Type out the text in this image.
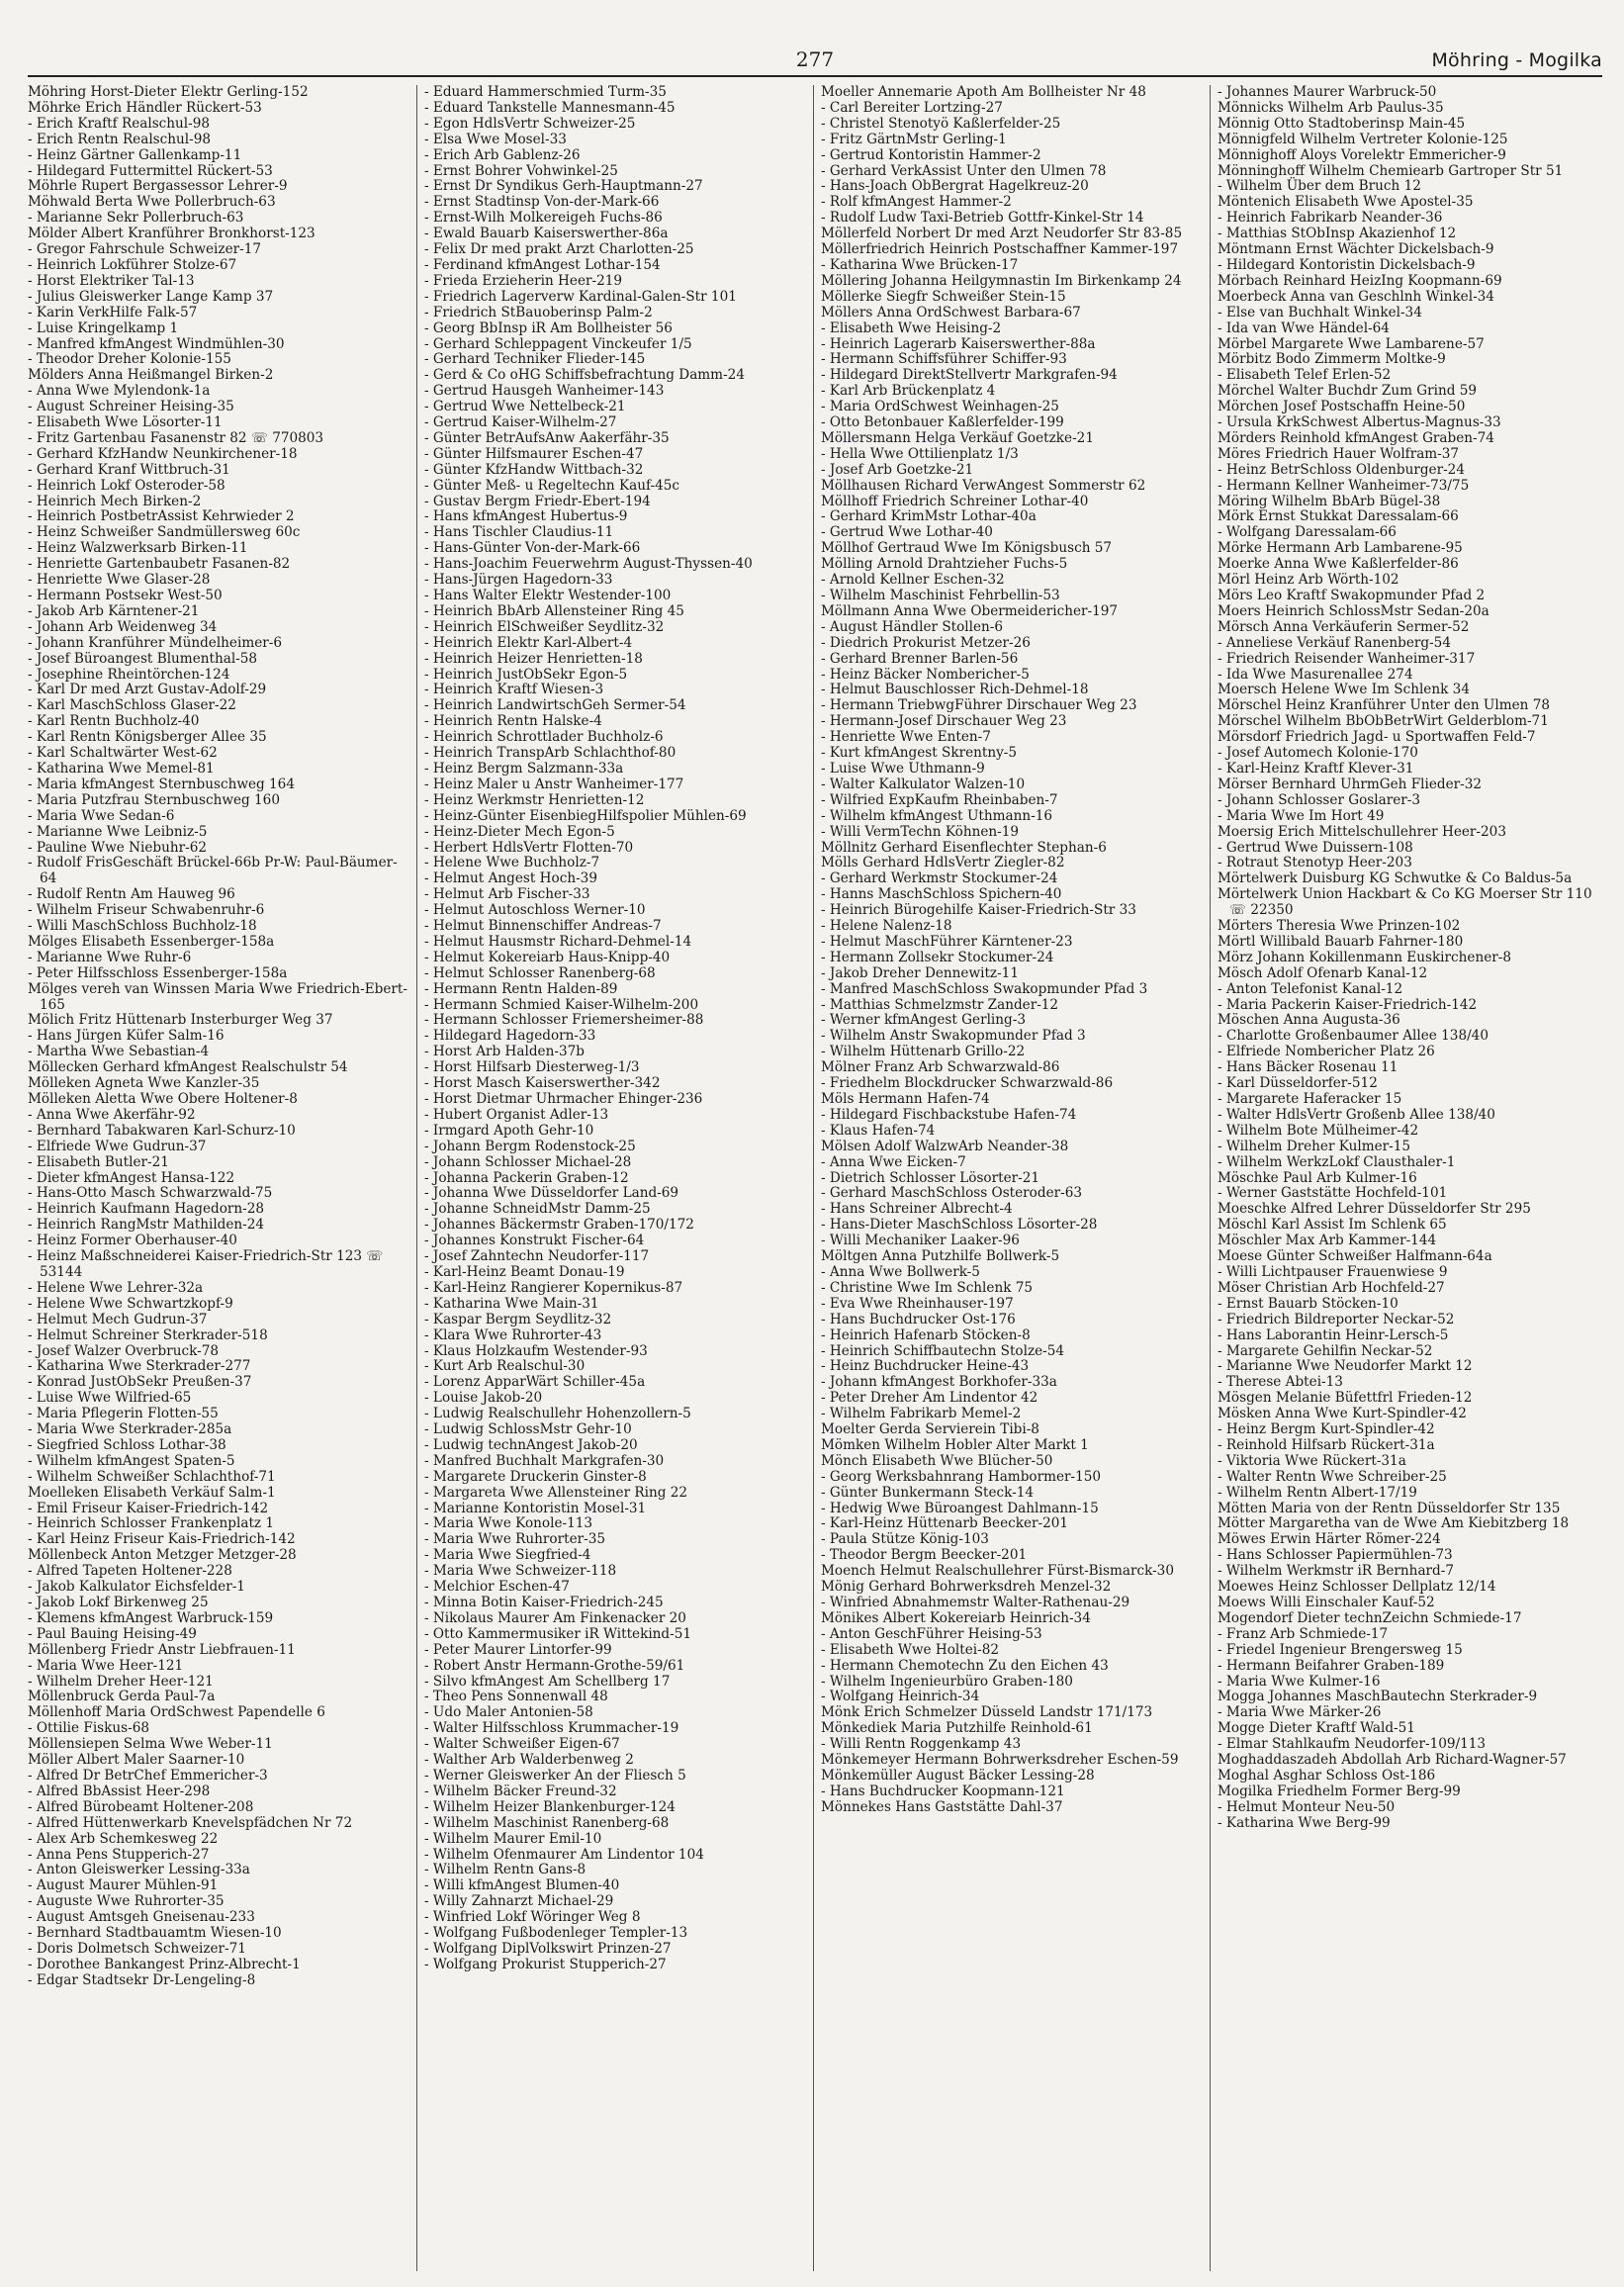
277	Möhring - Mogilka
Möhring Horst-Dieter Elektr Gerling-152
Möhrke Erich Händler Rückert-53
- Erich Kraftf Realschul-98
- Erich Rentn Realschul-98
- Heinz Gärtner Gallenkamp-11
- Hildegard Futtermittel Rückert-53
Möhrle Rupert Bergassessor Lehrer-9
Möhwald Berta Wwe Pollerbruch-63
- Marianne Sekr Pollerbruch-63
Mölder Albert Kranführer Bronkhorst-123
- Gregor Fahrschule Schweizer-17
- Heinrich Lokführer Stolze-67
- Horst Elektriker Tal-13
- Julius Gleiswerker Lange Kamp 37
- Karin VerkHilfe Falk-57
- Luise Kringelkamp 1
- Manfred kfmAngest Windmühlen-30
- Theodor Dreher Kolonie-155
Mölders Anna Heißmangel Birken-2
- Anna Wwe Mylendonk-1a
- August Schreiner Heising-35
- Elisabeth Wwe Lösorter-11
- Fritz Gartenbau Fasanenstr 82 ☏ 770803
- Gerhard KfzHandw Neunkirchener-18
- Gerhard Kranf Wittbruch-31
- Heinrich Lokf Osteroder-58
- Heinrich Mech Birken-2
- Heinrich PostbetrAssist Kehrwieder 2
- Heinz Schweißer Sandmüllersweg 60c
- Heinz Walzwerksarb Birken-11
- Henriette Gartenbaubetr Fasanen-82
- Henriette Wwe Glaser-28
- Hermann Postsekr West-50
- Jakob Arb Kärntener-21
- Johann Arb Weidenweg 34
- Johann Kranführer Mündelheimer-6
- Josef Büroangest Blumenthal-58
- Josephine Rheintörchen-124
- Karl Dr med Arzt Gustav-Adolf-29
- Karl MaschSchloss Glaser-22
- Karl Rentn Buchholz-40
- Karl Rentn Königsberger Allee 35
- Karl Schaltwärter West-62
- Katharina Wwe Memel-81
- Maria kfmAngest Sternbuschweg 164
- Maria Putzfrau Sternbuschweg 160
- Maria Wwe Sedan-6
- Marianne Wwe Leibniz-5
- Pauline Wwe Niebuhr-62
- Rudolf FrisGeschäft Brückel-66b Pr-W: Paul-Bäumer-64
- Rudolf Rentn Am Hauweg 96
- Wilhelm Friseur Schwabenruhr-6
- Willi MaschSchloss Buchholz-18
Mölges Elisabeth Essenberger-158a
- Marianne Wwe Ruhr-6
- Peter Hilfsschloss Essenberger-158a
Mölges vereh van Winssen Maria Wwe Friedrich-Ebert-165
Mölich Fritz Hüttenarb Insterburger Weg 37
- Hans Jürgen Küfer Salm-16
- Martha Wwe Sebastian-4
Möllecken Gerhard kfmAngest Realschulstr 54
Mölleken Agneta Wwe Kanzler-35
Mölleken Aletta Wwe Obere Holtener-8
- Anna Wwe Akerfähr-92
- Bernhard Tabakwaren Karl-Schurz-10
- Elfriede Wwe Gudrun-37
- Elisabeth Butler-21
- Dieter kfmAngest Hansa-122
- Hans-Otto Masch Schwarzwald-75
- Heinrich Kaufmann Hagedorn-28
- Heinrich RangMstr Mathilden-24
- Heinz Former Oberhauser-40
- Heinz Maßschneiderei Kaiser-Friedrich-Str 123 ☏ 53144
- Helene Wwe Lehrer-32a
- Helene Wwe Schwartzkopf-9
- Helmut Mech Gudrun-37
- Helmut Schreiner Sterkrader-518
- Josef Walzer Overbruck-78
- Katharina Wwe Sterkrader-277
- Konrad JustObSekr Preußen-37
- Luise Wwe Wilfried-65
- Maria Pflegerin Flotten-55
- Maria Wwe Sterkrader-285a
- Siegfried Schloss Lothar-38
- Wilhelm kfmAngest Spaten-5
- Wilhelm Schweißer Schlachthof-71
Moelleken Elisabeth Verkäuf Salm-1
- Emil Friseur Kaiser-Friedrich-142
- Heinrich Schlosser Frankenplatz 1
- Karl Heinz Friseur Kais-Friedrich-142
Möllenbeck Anton Metzger Metzger-28
- Alfred Tapeten Holtener-228
- Jakob Kalkulator Eichsfelder-1
- Jakob Lokf Birkenweg 25
- Klemens kfmAngest Warbruck-159
- Paul Bauing Heising-49
Möllenberg Friedr Anstr Liebfrauen-11
- Maria Wwe Heer-121
- Wilhelm Dreher Heer-121
Möllenbruck Gerda Paul-7a
Möllenhoff Maria OrdSchwest Papendelle 6
- Ottilie Fiskus-68
Möllensiepen Selma Wwe Weber-11
Möller Albert Maler Saarner-10
- Alfred Dr BetrChef Emmericher-3
- Alfred BbAssist Heer-298
- Alfred Bürobeamt Holtener-208
- Alfred Hüttenwerkarb Knevelspfädchen Nr 72
- Alex Arb Schemkesweg 22
- Anna Pens Stupperich-27
- Anton Gleiswerker Lessing-33a
- August Maurer Mühlen-91
- Auguste Wwe Ruhrorter-35
- August Amtsgeh Gneisenau-233
- Bernhard Stadtbauamtm Wiesen-10
- Doris Dolmetsch Schweizer-71
- Dorothee Bankangest Prinz-Albrecht-1
- Edgar Stadtsekr Dr-Lengeling-8
- Eduard Hammerschmied Turm-35
- Eduard Tankstelle Mannesmann-45
- Egon HdlsVertr Schweizer-25
- Elsa Wwe Mosel-33
- Erich Arb Gablenz-26
- Ernst Bohrer Vohwinkel-25
- Ernst Dr Syndikus Gerh-Hauptmann-27
- Ernst Stadtinsp Von-der-Mark-66
- Ernst-Wilh Molkereigeh Fuchs-86
- Ewald Bauarb Kaiserswerther-86a
- Felix Dr med prakt Arzt Charlotten-25
- Ferdinand kfmAngest Lothar-154
- Frieda Erzieherin Heer-219
- Friedrich Lagerverw Kardinal-Galen-Str 101
- Friedrich StBauoberinsp Palm-2
- Georg BbInsp iR Am Bollheister 56
- Gerhard Schleppagent Vinckeufer 1/5
- Gerhard Techniker Flieder-145
- Gerd & Co oHG Schiffsbefrachtung Damm-24
- Gertrud Hausgeh Wanheimer-143
- Gertrud Wwe Nettelbeck-21
- Gertrud Kaiser-Wilhelm-27
- Günter BetrAufsAnw Aakerfähr-35
- Günter Hilfsmaurer Eschen-47
- Günter KfzHandw Wittbach-32
- Günter Meß- u Regeltechn Kauf-45c
- Gustav Bergm Friedr-Ebert-194
- Hans kfmAngest Hubertus-9
- Hans Tischler Claudius-11
- Hans-Günter Von-der-Mark-66
- Hans-Joachim Feuerwehrm August-Thyssen-40
- Hans-Jürgen Hagedorn-33
- Hans Walter Elektr Westender-100
- Heinrich BbArb Allensteiner Ring 45
- Heinrich ElSchweißer Seydlitz-32
- Heinrich Elektr Karl-Albert-4
- Heinrich Heizer Henrietten-18
- Heinrich JustObSekr Egon-5
- Heinrich Kraftf Wiesen-3
- Heinrich LandwirtschGeh Sermer-54
- Heinrich Rentn Halske-4
- Heinrich Schrottlader Buchholz-6
- Heinrich TranspArb Schlachthof-80
- Heinz Bergm Salzmann-33a
- Heinz Maler u Anstr Wanheimer-177
- Heinz Werkmstr Henrietten-12
- Heinz-Günter EisenbiegHilfspolier Mühlen-69
- Heinz-Dieter Mech Egon-5
- Herbert HdlsVertr Flotten-70
- Helene Wwe Buchholz-7
- Helmut Angest Hoch-39
- Helmut Arb Fischer-33
- Helmut Autoschloss Werner-10
- Helmut Binnenschiffer Andreas-7
- Helmut Hausmstr Richard-Dehmel-14
- Helmut Kokereiarb Haus-Knipp-40
- Helmut Schlosser Ranenberg-68
- Hermann Rentn Halden-89
- Hermann Schmied Kaiser-Wilhelm-200
- Hermann Schlosser Friemersheimer-88
- Hildegard Hagedorn-33
- Horst Arb Halden-37b
- Horst Hilfsarb Diesterweg-1/3
- Horst Masch Kaiserswerther-342
- Horst Dietmar Uhrmacher Ehinger-236
- Hubert Organist Adler-13
- Irmgard Apoth Gehr-10
- Johann Bergm Rodenstock-25
- Johann Schlosser Michael-28
- Johanna Packerin Graben-12
- Johanna Wwe Düsseldorfer Land-69
- Johanne SchneidMstr Damm-25
- Johannes Bäckermstr Graben-170/172
- Johannes Konstrukt Fischer-64
- Josef Zahntechn Neudorfer-117
- Karl-Heinz Beamt Donau-19
- Karl-Heinz Rangierer Kopernikus-87
- Katharina Wwe Main-31
- Kaspar Bergm Seydlitz-32
- Klara Wwe Ruhrorter-43
- Klaus Holzkaufm Westender-93
- Kurt Arb Realschul-30
- Lorenz ApparWärt Schiller-45a
- Louise Jakob-20
- Ludwig Realschullehr Hohenzollern-5
- Ludwig SchlossMstr Gehr-10
- Ludwig technAngest Jakob-20
- Manfred Buchhalt Markgrafen-30
- Margarete Druckerin Ginster-8
- Margareta Wwe Allensteiner Ring 22
- Marianne Kontoristin Mosel-31
- Maria Wwe Konole-113
- Maria Wwe Ruhrorter-35
- Maria Wwe Siegfried-4
- Maria Wwe Schweizer-118
- Melchior Eschen-47
- Minna Botin Kaiser-Friedrich-245
- Nikolaus Maurer Am Finkenacker 20
- Otto Kammermusiker iR Wittekind-51
- Peter Maurer Lintorfer-99
- Robert Anstr Hermann-Grothe-59/61
- Silvo kfmAngest Am Schellberg 17
- Theo Pens Sonnenwall 48
- Udo Maler Antonien-58
- Walter Hilfsschloss Krummacher-19
- Walter Schweißer Eigen-67
- Walther Arb Walderbenweg 2
- Werner Gleiswerker An der Fliesch 5
- Wilhelm Bäcker Freund-32
- Wilhelm Heizer Blankenburger-124
- Wilhelm Maschinist Ranenberg-68
- Wilhelm Maurer Emil-10
- Wilhelm Ofenmaurer Am Lindentor 104
- Wilhelm Rentn Gans-8
- Willi kfmAngest Blumen-40
- Willy Zahnarzt Michael-29
- Winfried Lokf Wöringer Weg 8
- Wolfgang Fußbodenleger Templer-13
- Wolfgang DiplVolkswirt Prinzen-27
- Wolfgang Prokurist Stupperich-27
Moeller Annemarie Apoth Am Bollheister Nr 48
- Carl Bereiter Lortzing-27
- Christel Stenotyö Kaßlerfelder-25
- Fritz GärtnMstr Gerling-1
- Gertrud Kontoristin Hammer-2
- Gerhard VerkAssist Unter den Ulmen 78
- Hans-Joach ObBergrat Hagelkreuz-20
- Rolf kfmAngest Hammer-2
- Rudolf Ludw Taxi-Betrieb Gottfr-Kinkel-Str 14
Möllerfeld Norbert Dr med Arzt Neudorfer Str 83-85
Möllerfriedrich Heinrich Postschaffner Kammer-197
- Katharina Wwe Brücken-17
Möllering Johanna Heilgymnastin Im Birkenkamp 24
Möllerke Siegfr Schweißer Stein-15
Möllers Anna OrdSchwest Barbara-67
- Elisabeth Wwe Heising-2
- Heinrich Lagerarb Kaiserswerther-88a
- Hermann Schiffsführer Schiffer-93
- Hildegard DirektStellvertr Markgrafen-94
- Karl Arb Brückenplatz 4
- Maria OrdSchwest Weinhagen-25
- Otto Betonbauer Kaßlerfelder-199
Möllersmann Helga Verkäuf Goetzke-21
- Hella Wwe Ottilienplatz 1/3
- Josef Arb Goetzke-21
Möllhausen Richard VerwAngest Sommerstr 62
Möllhoff Friedrich Schreiner Lothar-40
- Gerhard KrimMstr Lothar-40a
- Gertrud Wwe Lothar-40
Möllhof Gertraud Wwe Im Königsbusch 57
Mölling Arnold Drahtzieher Fuchs-5
- Arnold Kellner Eschen-32
- Wilhelm Maschinist Fehrbellin-53
Möllmann Anna Wwe Obermeidericher-197
- August Händler Stollen-6
- Diedrich Prokurist Metzer-26
- Gerhard Brenner Barlen-56
- Heinz Bäcker Nombericher-5
- Helmut Bauschlosser Rich-Dehmel-18
- Hermann TriebwgFührer Dirschauer Weg 23
- Hermann-Josef Dirschauer Weg 23
- Henriette Wwe Enten-7
- Kurt kfmAngest Skrentny-5
- Luise Wwe Uthmann-9
- Walter Kalkulator Walzen-10
- Wilfried ExpKaufm Rheinbaben-7
- Wilhelm kfmAngest Uthmann-16
- Willi VermTechn Köhnen-19
Möllnitz Gerhard Eisenflechter Stephan-6
Mölls Gerhard HdlsVertr Ziegler-82
- Gerhard Werkmstr Stockumer-24
- Hanns MaschSchloss Spichern-40
- Heinrich Bürogehilfe Kaiser-Friedrich-Str 33
- Helene Nalenz-18
- Helmut MaschFührer Kärntener-23
- Hermann Zollsekr Stockumer-24
- Jakob Dreher Dennewitz-11
- Manfred MaschSchloss Swakopmunder Pfad 3
- Matthias Schmelzmstr Zander-12
- Werner kfmAngest Gerling-3
- Wilhelm Anstr Swakopmunder Pfad 3
- Wilhelm Hüttenarb Grillo-22
Mölner Franz Arb Schwarzwald-86
- Friedhelm Blockdrucker Schwarzwald-86
Möls Hermann Hafen-74
- Hildegard Fischbackstube Hafen-74
- Klaus Hafen-74
Mölsen Adolf WalzwArb Neander-38
- Anna Wwe Eicken-7
- Dietrich Schlosser Lösorter-21
- Gerhard MaschSchloss Osteroder-63
- Hans Schreiner Albrecht-4
- Hans-Dieter MaschSchloss Lösorter-28
- Willi Mechaniker Laaker-96
Möltgen Anna Putzhilfe Bollwerk-5
- Anna Wwe Bollwerk-5
- Christine Wwe Im Schlenk 75
- Eva Wwe Rheinhauser-197
- Hans Buchdrucker Ost-176
- Heinrich Hafenarb Stöcken-8
- Heinrich Schiffbautechn Stolze-54
- Heinz Buchdrucker Heine-43
- Johann kfmAngest Borkhofer-33a
- Peter Dreher Am Lindentor 42
- Wilhelm Fabrikarb Memel-2
Moelter Gerda Servierein Tibi-8
Mömken Wilhelm Hobler Alter Markt 1
Mönch Elisabeth Wwe Blücher-50
- Georg Werksbahnrang Hambormer-150
- Günter Bunkermann Steck-14
- Hedwig Wwe Büroangest Dahlmann-15
- Karl-Heinz Hüttenarb Beecker-201
- Paula Stütze König-103
- Theodor Bergm Beecker-201
Moench Helmut Realschullehrer Fürst-Bismarck-30
Mönig Gerhard Bohrwerksdreh Menzel-32
- Winfried Abnahmemstr Walter-Rathenau-29
Mönikes Albert Kokereiarb Heinrich-34
- Anton GeschFührer Heising-53
- Elisabeth Wwe Holtei-82
- Hermann Chemotechn Zu den Eichen 43
- Wilhelm Ingenieurbüro Graben-180
- Wolfgang Heinrich-34
Mönk Erich Schmelzer Düsseld Landstr 171/173
Mönkediek Maria Putzhilfe Reinhold-61
- Willi Rentn Roggenkamp 43
Mönkemeyer Hermann Bohrwerksdreher Eschen-59
Mönkemüller August Bäcker Lessing-28
- Hans Buchdrucker Koopmann-121
Mönnekes Hans Gaststätte Dahl-37
- Johannes Maurer Warbruck-50
Mönnicks Wilhelm Arb Paulus-35
Mönnig Otto Stadtoberinsp Main-45
Mönnigfeld Wilhelm Vertreter Kolonie-125
Mönnighoff Aloys Vorelektr Emmericher-9
Mönninghoff Wilhelm Chemiearb Gartroper Str 51
- Wilhelm Über dem Bruch 12
Möntenich Elisabeth Wwe Apostel-35
- Heinrich Fabrikarb Neander-36
- Matthias StObInsp Akazienhof 12
Möntmann Ernst Wächter Dickelsbach-9
- Hildegard Kontoristin Dickelsbach-9
Mörbach Reinhard HeizIng Koopmann-69
Moerbeck Anna van Geschlnh Winkel-34
- Else van Buchhalt Winkel-34
- Ida van Wwe Händel-64
Mörbel Margarete Wwe Lambarene-57
Mörbitz Bodo Zimmerm Moltke-9
- Elisabeth Telef Erlen-52
Mörchel Walter Buchdr Zum Grind 59
Mörchen Josef Postschaffn Heine-50
- Ursula KrkSchwest Albertus-Magnus-33
Mörders Reinhold kfmAngest Graben-74
Möres Friedrich Hauer Wolfram-37
- Heinz BetrSchloss Oldenburger-24
- Hermann Kellner Wanheimer-73/75
Möring Wilhelm BbArb Bügel-38
Mörk Ernst Stukkat Daressalam-66
- Wolfgang Daressalam-66
Mörke Hermann Arb Lambarene-95
Moerke Anna Wwe Kaßlerfelder-86
Mörl Heinz Arb Wörth-102
Mörs Leo Kraftf Swakopmunder Pfad 2
Moers Heinrich SchlossMstr Sedan-20a
Mörsch Anna Verkäuferin Sermer-52
- Anneliese Verkäuf Ranenberg-54
- Friedrich Reisender Wanheimer-317
- Ida Wwe Masurenallee 274
Moersch Helene Wwe Im Schlenk 34
Mörschel Heinz Kranführer Unter den Ulmen 78
Mörschel Wilhelm BbObBetrWirt Gelderblom-71
Mörsdorf Friedrich Jagd- u Sportwaffen Feld-7
- Josef Automech Kolonie-170
- Karl-Heinz Kraftf Klever-31
Mörser Bernhard UhrmGeh Flieder-32
- Johann Schlosser Goslarer-3
- Maria Wwe Im Hort 49
Moersig Erich Mittelschullehrer Heer-203
- Gertrud Wwe Duissern-108
- Rotraut Stenotyp Heer-203
Mörtelwerk Duisburg KG Schwutke & Co Baldus-5a
Mörtelwerk Union Hackbart & Co KG Moerser Str 110 ☏ 22350
Mörters Theresia Wwe Prinzen-102
Mörtl Willibald Bauarb Fahrner-180
Mörz Johann Kokillenmann Euskirchener-8
Mösch Adolf Ofenarb Kanal-12
- Anton Telefonist Kanal-12
- Maria Packerin Kaiser-Friedrich-142
Möschen Anna Augusta-36
- Charlotte Großenbaumer Allee 138/40
- Elfriede Nombericher Platz 26
- Hans Bäcker Rosenau 11
- Karl Düsseldorfer-512
- Margarete Haferacker 15
- Walter HdlsVertr Großenb Allee 138/40
- Wilhelm Bote Mülheimer-42
- Wilhelm Dreher Kulmer-15
- Wilhelm WerkzLokf Clausthaler-1
Möschke Paul Arb Kulmer-16
- Werner Gaststätte Hochfeld-101
Moeschke Alfred Lehrer Düsseldorfer Str 295
Möschl Karl Assist Im Schlenk 65
Möschler Max Arb Kammer-144
Moese Günter Schweißer Halfmann-64a
- Willi Lichtpauser Frauenwiese 9
Möser Christian Arb Hochfeld-27
- Ernst Bauarb Stöcken-10
- Friedrich Bildreporter Neckar-52
- Hans Laborantin Heinr-Lersch-5
- Margarete Gehilfin Neckar-52
- Marianne Wwe Neudorfer Markt 12
- Therese Abtei-13
Mösgen Melanie Büfettfrl Frieden-12
Mösken Anna Wwe Kurt-Spindler-42
- Heinz Bergm Kurt-Spindler-42
- Reinhold Hilfsarb Rückert-31a
- Viktoria Wwe Rückert-31a
- Walter Rentn Wwe Schreiber-25
- Wilhelm Rentn Albert-17/19
Mötten Maria von der Rentn Düsseldorfer Str 135
Mötter Margaretha van de Wwe Am Kiebitzberg 18
Möwes Erwin Härter Römer-224
- Hans Schlosser Papiermühlen-73
- Wilhelm Werkmstr iR Bernhard-7
Moewes Heinz Schlosser Dellplatz 12/14
Moews Willi Einschaler Kauf-52
Mogendorf Dieter technZeichn Schmiede-17
- Franz Arb Schmiede-17
- Friedel Ingenieur Brengersweg 15
- Hermann Beifahrer Graben-189
- Maria Wwe Kulmer-16
Mogga Johannes MaschBautechn Sterkrader-9
- Maria Wwe Märker-26
Mogge Dieter Kraftf Wald-51
- Elmar Stahlkaufm Neudorfer-109/113
Moghaddaszadeh Abdollah Arb Richard-Wagner-57
Moghal Asghar Schloss Ost-186
Mogilka Friedhelm Former Berg-99
- Helmut Monteur Neu-50
- Katharina Wwe Berg-99
